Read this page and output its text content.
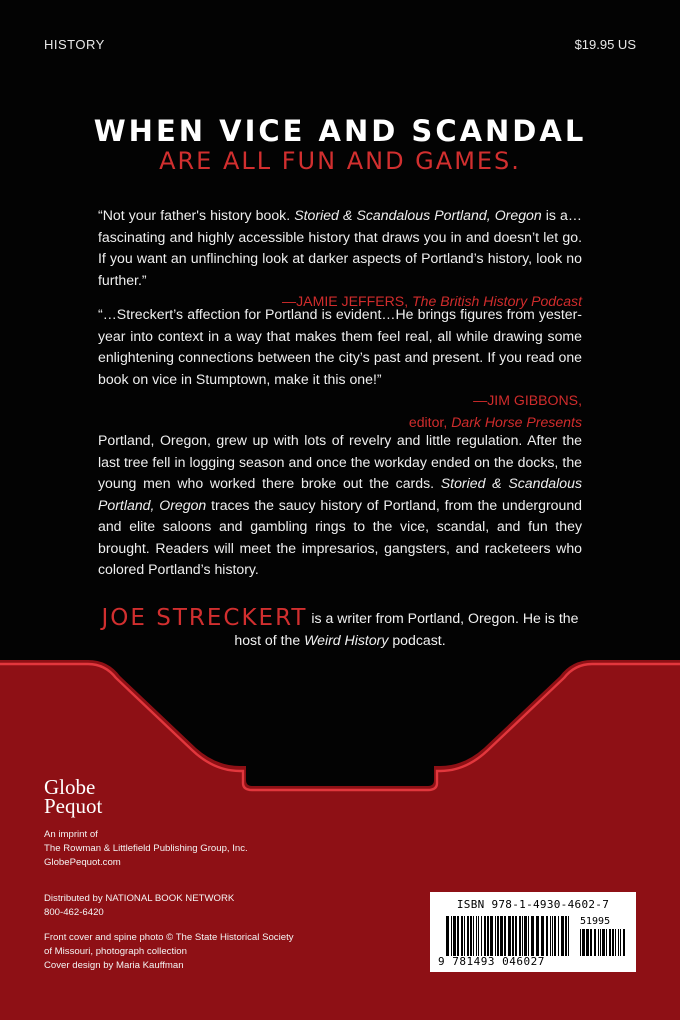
HISTORY	$19.95 US
WHEN VICE AND SCANDAL
ARE ALL FUN AND GAMES.
“Not your father's history book. Storied & Scandalous Portland, Oregon is a…fascinating and highly accessible history that draws you in and doesn’t let go. If you want an unflinching look at darker aspects of Portland’s history, look no further.”
—JAMIE JEFFERS, The British History Podcast
“…Streckert’s affection for Portland is evident…He brings figures from yester-year into context in a way that makes them feel real, all while drawing some enlightening connections between the city’s past and present. If you read one book on vice in Stumptown, make it this one!”
—JIM GIBBONS,
editor, Dark Horse Presents
Portland, Oregon, grew up with lots of revelry and little regulation. After the last tree fell in logging season and once the workday ended on the docks, the young men who worked there broke out the cards. Storied & Scandalous Portland, Oregon traces the saucy history of Portland, from the underground and elite saloons and gambling rings to the vice, scandal, and fun they brought. Readers will meet the impresarios, gangsters, and racketeers who colored Portland’s history.
JOE STRECKERT is a writer from Portland, Oregon. He is the host of the Weird History podcast.
Globe
Pequot
An imprint of
The Rowman & Littlefield Publishing Group, Inc.
GlobePequot.com
Distributed by NATIONAL BOOK NETWORK
800-462-6420
Front cover and spine photo © The State Historical Society
of Missouri, photograph collection
Cover design by Maria Kauffman
ISBN 978-1-4930-4602-7
51995
9 781493 046027
